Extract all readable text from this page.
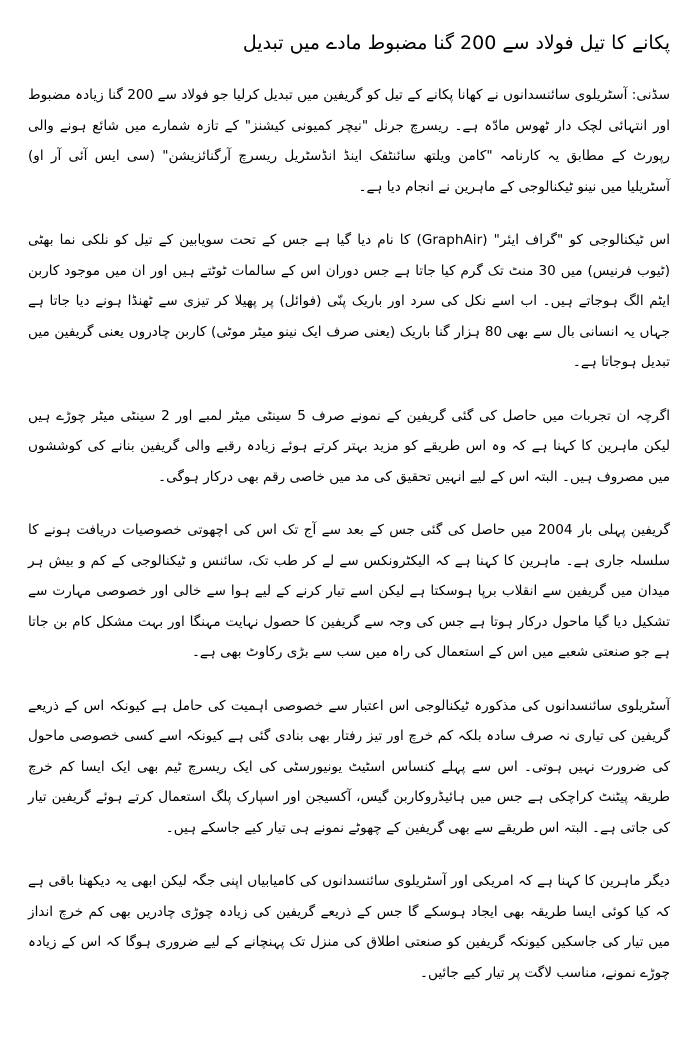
پکانے کا تیل فولاد سے 200 گنا مضبوط مادے میں تبدیل

سڈنی: آسٹریلوی سائنسدانوں نے کھانا پکانے کے تیل کو گریفین میں تبدیل کرلیا جو فولاد سے 200 گنا زیادہ مضبوط اور انتہائی لچک دار ٹھوس مادّہ ہے۔ ریسرچ جرنل "نیچر کمیونی کیشنز" کے تازہ شمارے میں شائع ہونے والی رپورٹ کے مطابق یہ کارنامہ "کامن ویلتھ سائنٹفک اینڈ انڈسٹریل ریسرچ آرگنائزیشن" (سی ایس آئی آر او) آسٹریلیا میں نینو ٹیکنالوجی کے ماہرین نے انجام دیا ہے۔

اس ٹیکنالوجی کو "گراف ایئر" (GraphAir) کا نام دیا گیا ہے جس کے تحت سویابین کے تیل کو نلکی نما بھٹی (ٹیوب فرنیس) میں 30 منٹ تک گرم کیا جاتا ہے جس دوران اس کے سالمات ٹوٹتے ہیں اور ان میں موجود کاربن ایٹم الگ ہوجاتے ہیں۔ اب اسے نکل کی سرد اور باریک پنّی (فوائل) پر پھیلا کر تیزی سے ٹھنڈا ہونے دیا جاتا ہے جہاں یہ انسانی بال سے بھی 80 ہزار گنا باریک (یعنی صرف ایک نینو میٹر موٹی) کاربن چادروں یعنی گریفین میں تبدیل ہوجاتا ہے۔

اگرچہ ان تجربات میں حاصل کی گئی گریفین کے نمونے صرف 5 سینٹی میٹر لمبے اور 2 سینٹی میٹر چوڑے ہیں لیکن ماہرین کا کہنا ہے کہ وہ اس طریقے کو مزید بہتر کرتے ہوئے زیادہ رقبے والی گریفین بنانے کی کوششوں میں مصروف ہیں۔ البتہ اس کے لیے انہیں تحقیق کی مد میں خاصی رقم بھی درکار ہوگی۔

گریفین پہلی بار 2004 میں حاصل کی گئی جس کے بعد سے آج تک اس کی اچھوتی خصوصیات دریافت ہونے کا سلسلہ جاری ہے۔ ماہرین کا کہنا ہے کہ الیکٹرونکس سے لے کر طب تک، سائنس و ٹیکنالوجی کے کم و بیش ہر میدان میں گریفین سے انقلاب برپا ہوسکتا ہے لیکن اسے تیار کرنے کے لیے ہوا سے خالی اور خصوصی مہارت سے تشکیل دیا گیا ماحول درکار ہوتا ہے جس کی وجہ سے گریفین کا حصول نہایت مہنگا اور بہت مشکل کام بن جاتا ہے جو صنعتی شعبے میں اس کے استعمال کی راہ میں سب سے بڑی رکاوٹ بھی ہے۔

آسٹریلوی سائنسدانوں کی مذکورہ ٹیکنالوجی اس اعتبار سے خصوصی اہمیت کی حامل ہے کیونکہ اس کے ذریعے گریفین کی تیاری نہ صرف سادہ بلکہ کم خرچ اور تیز رفتار بھی بنادی گئی ہے کیونکہ اسے کسی خصوصی ماحول کی ضرورت نہیں ہوتی۔ اس سے پہلے کنساس اسٹیٹ یونیورسٹی کی ایک ریسرچ ٹیم بھی ایک ایسا کم خرچ طریقہ پیٹنٹ کراچکی ہے جس میں ہائیڈروکاربن گیس، آکسیجن اور اسپارک پلگ استعمال کرتے ہوئے گریفین تیار کی جاتی ہے۔ البتہ اس طریقے سے بھی گریفین کے چھوٹے نمونے ہی تیار کیے جاسکے ہیں۔

دیگر ماہرین کا کہنا ہے کہ امریکی اور آسٹریلوی سائنسدانوں کی کامیابیاں اپنی جگہ لیکن ابھی یہ دیکھنا باقی ہے کہ کیا کوئی ایسا طریقہ بھی ایجاد ہوسکے گا جس کے ذریعے گریفین کی زیادہ چوڑی چادریں بھی کم خرچ انداز میں تیار کی جاسکیں کیونکہ گریفین کو صنعتی اطلاق کی منزل تک پہنچانے کے لیے ضروری ہوگا کہ اس کے زیادہ چوڑے نمونے، مناسب لاگت پر تیار کیے جائیں۔
